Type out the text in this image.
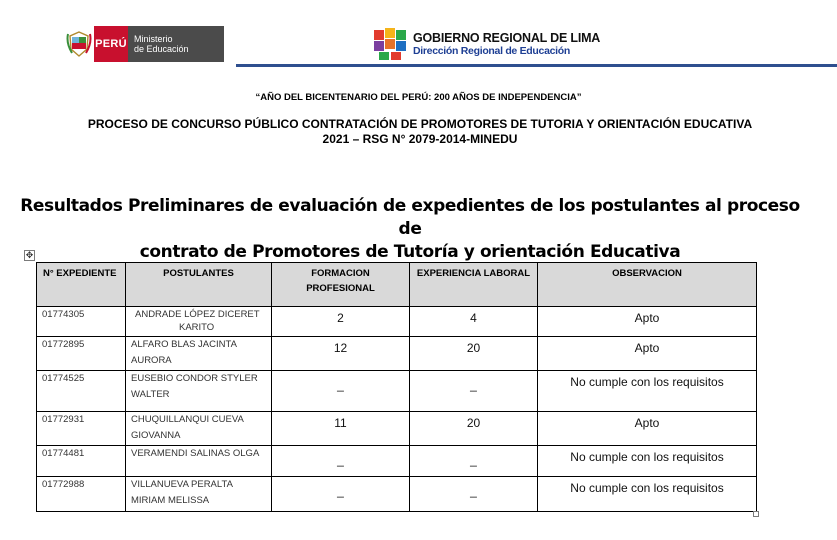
PERÚ Ministerio
de Educación
GOBIERNO REGIONAL DE LIMA
Dirección Regional de Educación
“AÑO DEL BICENTENARIO DEL PERÚ: 200 AÑOS DE INDEPENDENCIA”
PROCESO DE CONCURSO PÚBLICO CONTRATACIÓN DE PROMOTORES DE TUTORIA Y ORIENTACIÓN EDUCATIVA
2021 – RSG N° 2079-2014-MINEDU
Resultados Preliminares de evaluación de expedientes de los postulantes al proceso de
contrato de Promotores de Tutoría y orientación Educativa
✥
N° EXPEDIENTE	POSTULANTES	FORMACION
PROFESIONAL	EXPERIENCIA LABORAL	OBSERVACION
01774305	ANDRADE LÓPEZ DICERET
KARITO	2	4	Apto
01772895	ALFARO BLAS JACINTA
AURORA	12	20	Apto
01774525	EUSEBIO CONDOR STYLER
WALTER	_	_	No cumple con los requisitos
01772931	CHUQUILLANQUI CUEVA
GIOVANNA	11	20	Apto
01774481	VERAMENDI SALINAS OLGA	_	_	No cumple con los requisitos
01772988	VILLANUEVA PERALTA
MIRIAM MELISSA	_	_	No cumple con los requisitos
